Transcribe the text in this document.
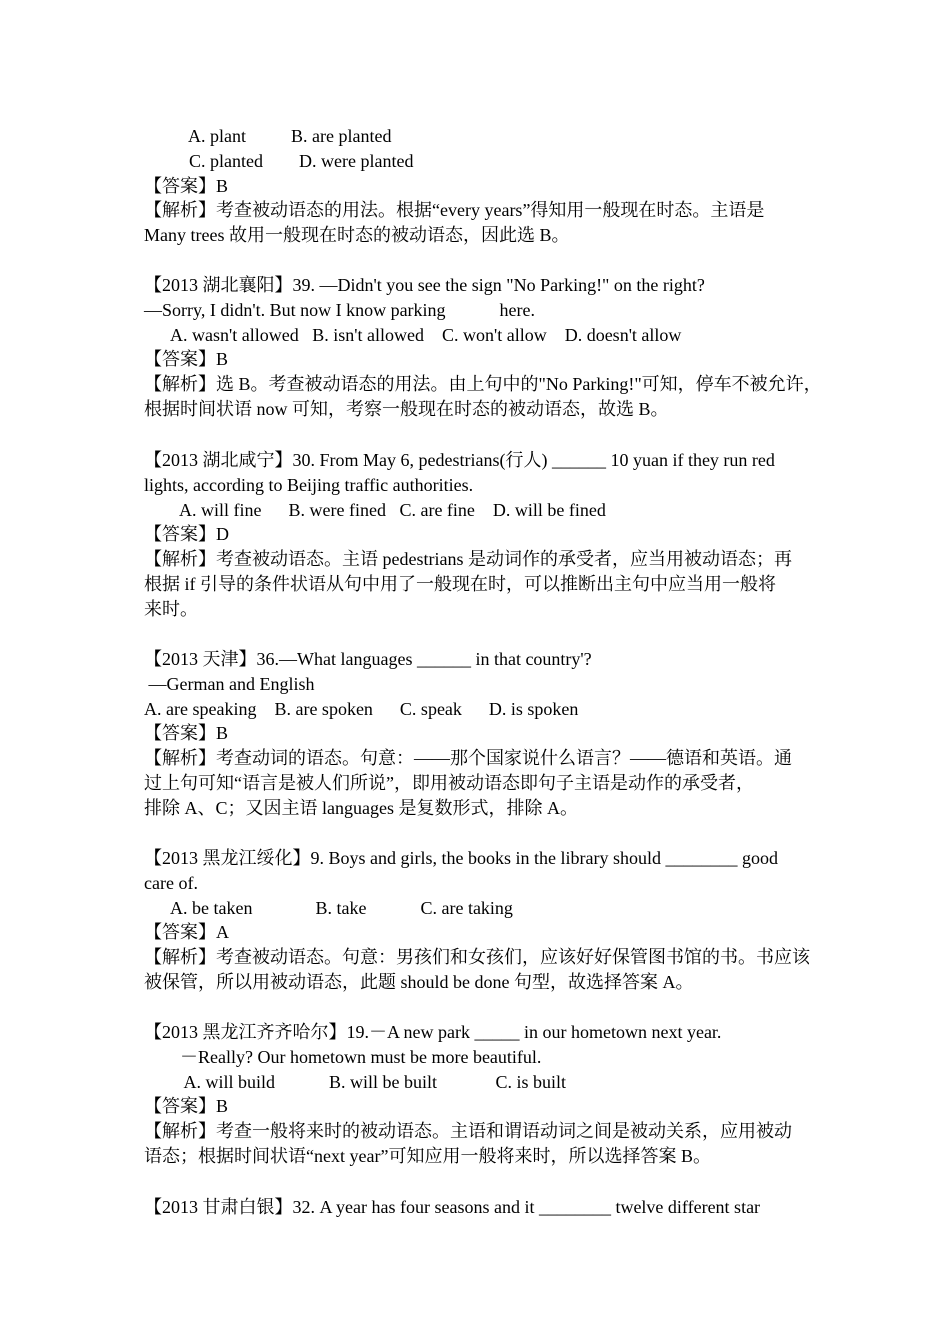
A. plant          B. are planted
C. planted        D. were planted
【答案】B
【解析】考查被动语态的用法。根据“every years”得知用一般现在时态。主语是
Many trees 故用一般现在时态的被动语态，因此选 B。
【2013 湖北襄阳】39. —Didn't you see the sign "No Parking!" on the right?
—Sorry, I didn't. But now I know parking            here.
A. wasn't allowed   B. isn't allowed    C. won't allow    D. doesn't allow
【答案】B
【解析】选 B。考查被动语态的用法。由上句中的"No Parking!"可知，停车不被允许，
根据时间状语 now 可知，考察一般现在时态的被动语态，故选 B。
【2013 湖北咸宁】30. From May 6, pedestrians(行人) ______ 10 yuan if they run red
lights, according to Beijing traffic authorities.
A. will fine      B. were fined   C. are fine    D. will be fined
【答案】D
【解析】考查被动语态。主语 pedestrians 是动词作的承受者，应当用被动语态；再
根据 if 引导的条件状语从句中用了一般现在时，可以推断出主句中应当用一般将
来时。
【2013 天津】36.—What languages ______ in that country'?
—German and English
A. are speaking    B. are spoken      C. speak      D. is spoken
【答案】B
【解析】考查动词的语态。句意：——那个国家说什么语言？——德语和英语。通
过上句可知“语言是被人们所说”，即用被动语态即句子主语是动作的承受者，
排除 A、C；又因主语 languages 是复数形式，排除 A。
【2013 黑龙江绥化】9. Boys and girls, the books in the library should ________ good
care of.
A. be taken              B. take            C. are taking
【答案】A
【解析】考查被动语态。句意：男孩们和女孩们，应该好好保管图书馆的书。书应该
被保管，所以用被动语态，此题 should be done 句型，故选择答案 A。
【2013 黑龙江齐齐哈尔】19.－A new park _____ in our hometown next year.
－Really? Our hometown must be more beautiful.
A. will build            B. will be built             C. is built
【答案】B
【解析】考查一般将来时的被动语态。主语和谓语动词之间是被动关系，应用被动
语态；根据时间状语“next year”可知应用一般将来时，所以选择答案 B。
【2013 甘肃白银】32. A year has four seasons and it ________ twelve different star
